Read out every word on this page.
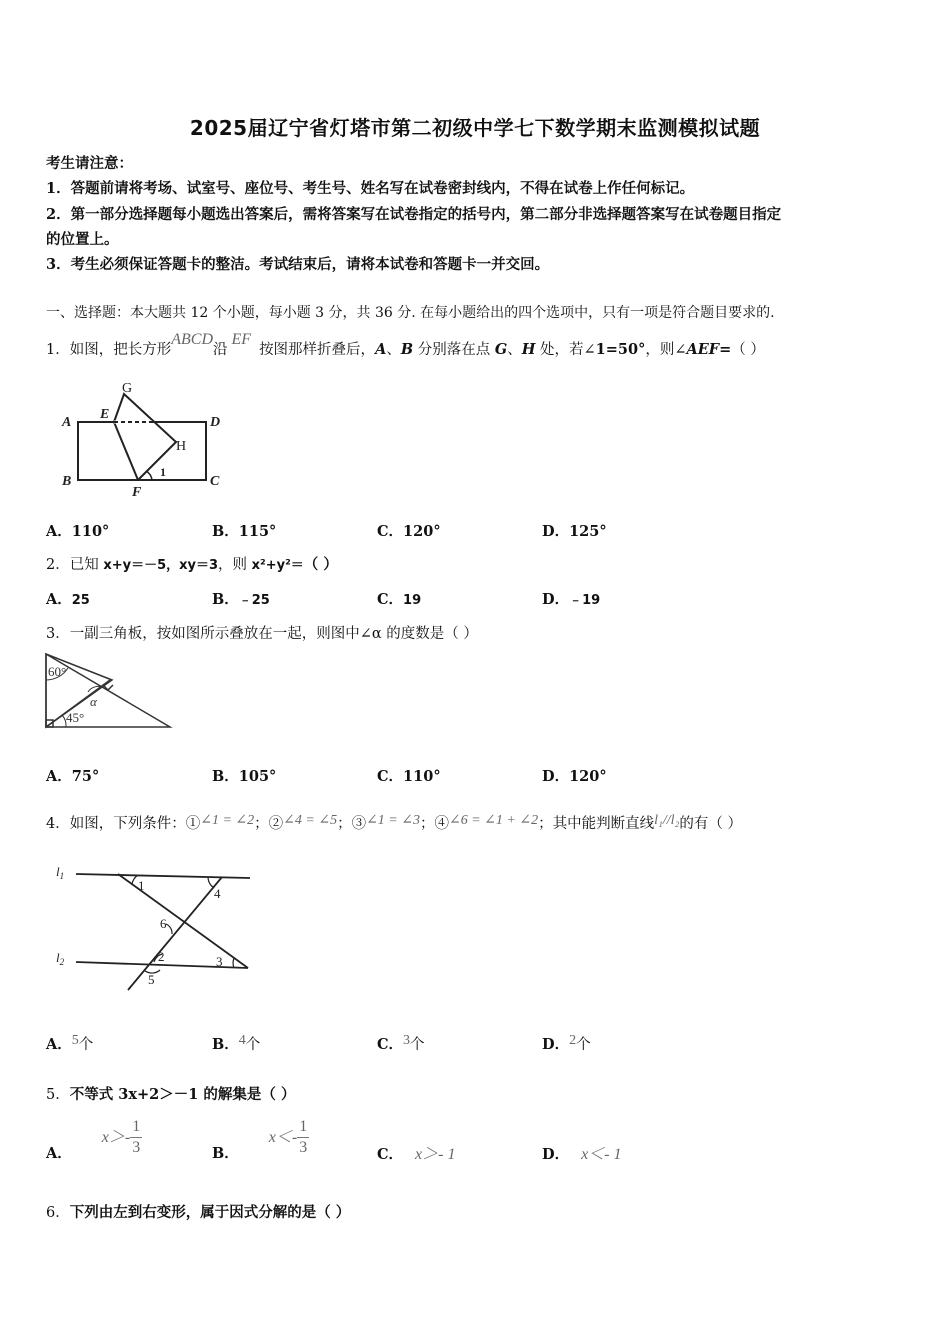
2025届辽宁省灯塔市第二初级中学七下数学期末监测模拟试题
考生请注意：
1．答题前请将考场、试室号、座位号、考生号、姓名写在试卷密封线内，不得在试卷上作任何标记。
2．第一部分选择题每小题选出答案后，需将答案写在试卷指定的括号内，第二部分非选择题答案写在试卷题目指定
的位置上。
3．考生必须保证答题卡的整洁。考试结束后，请将本试卷和答题卡一并交回。
一、选择题：本大题共 12 个小题，每小题 3 分，共 36 分. 在每小题给出的四个选项中，只有一项是符合题目要求的.
1．如图，把长方形ABCD沿EF按图那样折叠后，A、B 分别落在点 G、H 处，若∠1=50°，则∠AEF=（ ）
A
B	C
D
E
F
G
H
1
A．110°	B．115°	C．120°	D．125°
2．已知 x+y＝－5，xy＝3，则 x²+y²＝（ ）
A．25	B．﹣25	C．19	D．﹣19
3．一副三角板，按如图所示叠放在一起，则图中∠α 的度数是（ ）
60°
45°
α
A．75°	B．105°	C．110°	D．120°
4．如图，下列条件：①∠1 = ∠2；②∠4 = ∠5；③∠1 = ∠3；④∠6 = ∠1 + ∠2；其中能判断直线l₁//l₂的有（ ）
$l_1$
$l_2$
1
4
6
2	3
5
A．5个	B．4个	C．3个	D．2个
5．不等式 3x+2＞－1 的解集是（ ）
A．$x>- \frac{1}{3}$	B．$x<- \frac{1}{3}$	C． x＞- 1	D． x＜- 1
6．下列由左到右变形，属于因式分解的是（ ）
